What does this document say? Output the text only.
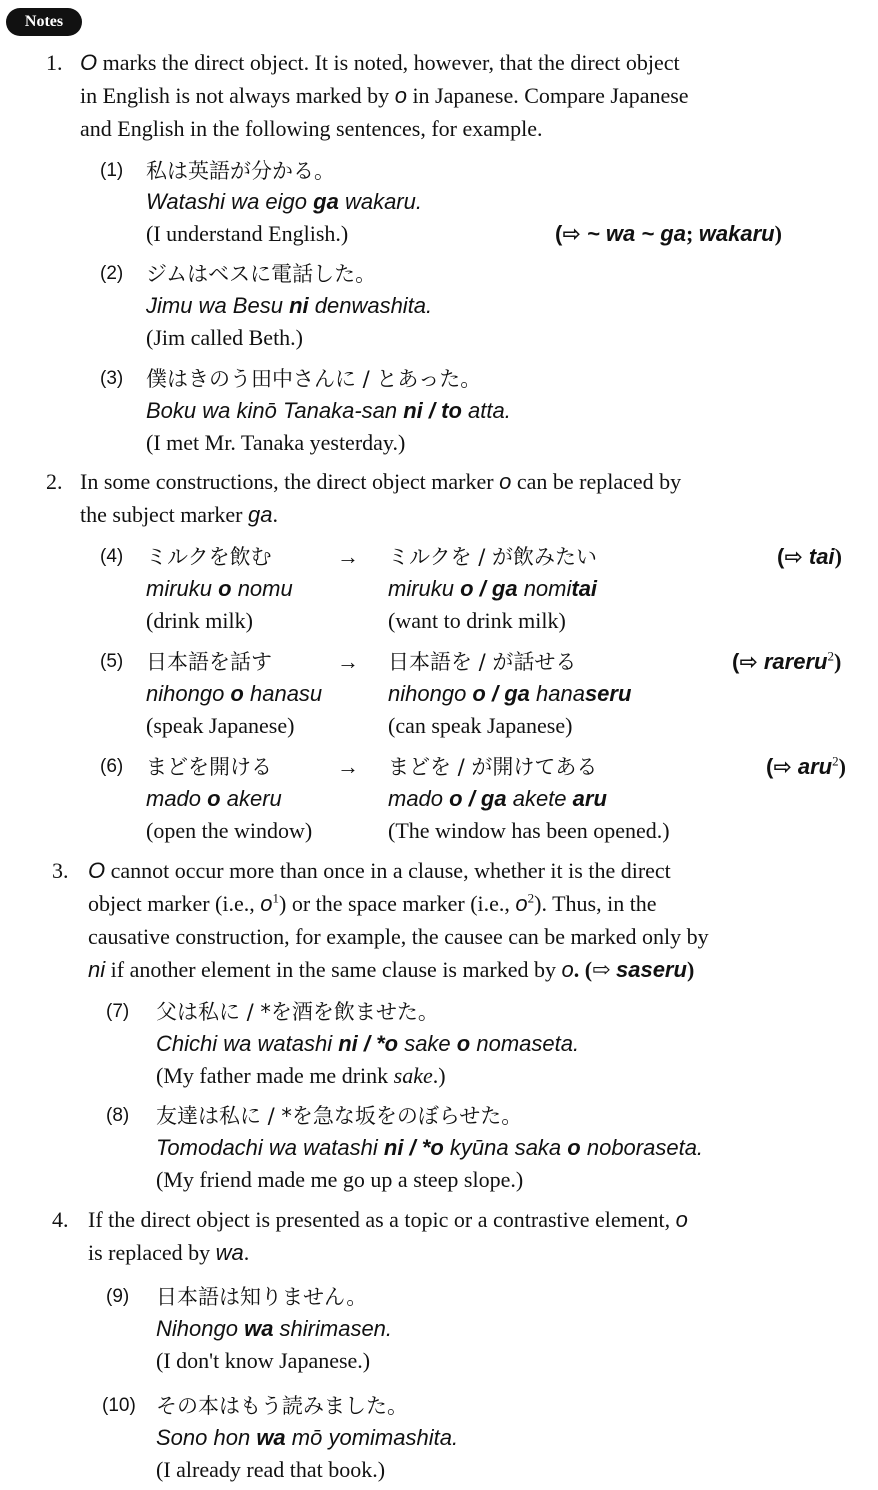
Notes
1. O marks the direct object. It is noted, however, that the direct object
in English is not always marked by o in Japanese. Compare Japanese
and English in the following sentences, for example.
(1) 私は英語が分かる。
Watashi wa eigo ga wakaru.
(I understand English.)	(⇨ ~ wa ~ ga; wakaru)
(2) ジムはベスに電話した。
Jimu wa Besu ni denwashita.
(Jim called Beth.)
(3) 僕はきのう田中さんに / とあった。
Boku wa kinō Tanaka-san ni / to atta.
(I met Mr. Tanaka yesterday.)
2. In some constructions, the direct object marker o can be replaced by
the subject marker ga.
(4) ミルクを飲む	→ ミルクを / が飲みたい	(⇨ tai)
miruku o nomu	miruku o / ga nomitai
(drink milk)	(want to drink milk)
(5) 日本語を話す	→ 日本語を / が話せる	(⇨ rareru$^2$)
nihongo o hanasu	nihongo o / ga hanaseru
(speak Japanese)	(can speak Japanese)
(6) まどを開ける	→ まどを / が開けてある	(⇨ aru$^2$)
mado o akeru	mado o / ga akete aru
(open the window)	(The window has been opened.)
3. O cannot occur more than once in a clause, whether it is the direct
object marker (i.e., $o^1$) or the space marker (i.e., $o^2$). Thus, in the
causative construction, for example, the causee can be marked only by
ni if another element in the same clause is marked by o. (⇨ saseru)
(7) 父は私に / *を酒を飲ませた。
Chichi wa watashi ni / *o sake o nomaseta.
(My father made me drink sake.)
(8) 友達は私に / *を急な坂をのぼらせた。
Tomodachi wa watashi ni / *o kyūna saka o noboraseta.
(My friend made me go up a steep slope.)
4. If the direct object is presented as a topic or a contrastive element, o
is replaced by wa.
(9) 日本語は知りません。
Nihongo wa shirimasen.
(I don't know Japanese.)
(10) その本はもう読みました。
Sono hon wa mō yomimashita.
(I already read that book.)
